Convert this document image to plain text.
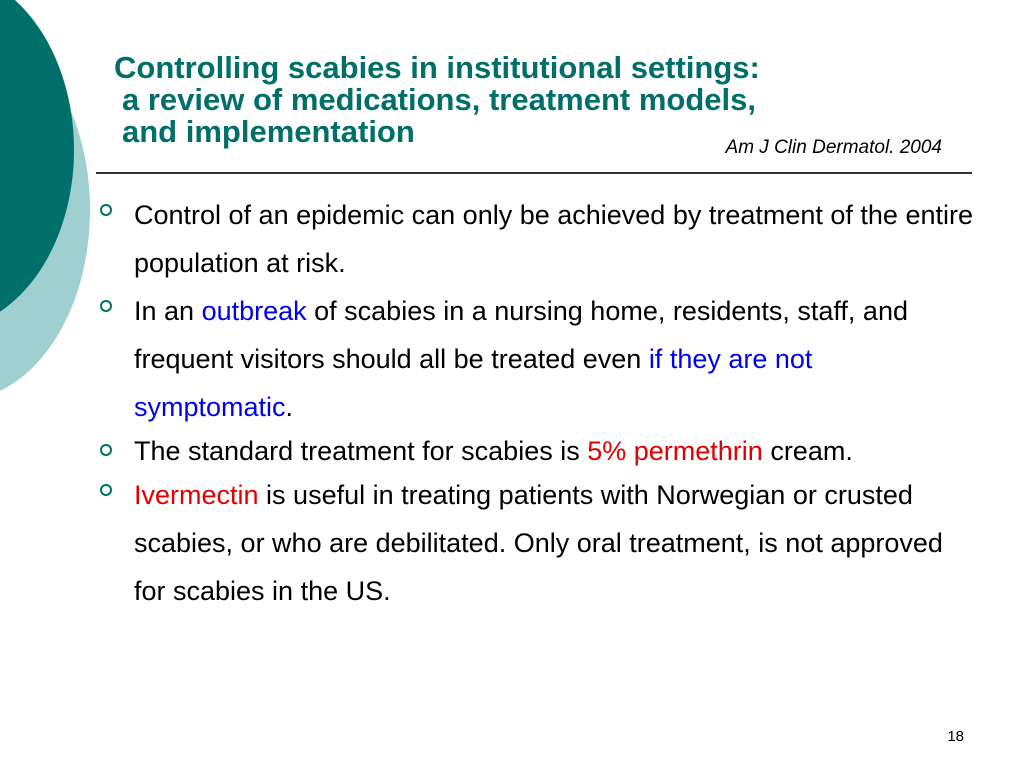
Controlling scabies in institutional settings:
a review of medications, treatment models,
and implementation	Am J Clin Dermatol. 2004
Control of an epidemic can only be achieved by treatment of the entire population at risk.
In an outbreak of scabies in a nursing home, residents, staff, and frequent visitors should all be treated even if they are not symptomatic.
The standard treatment for scabies is 5% permethrin cream.
Ivermectin is useful in treating patients with Norwegian or crusted scabies, or who are debilitated. Only oral treatment, is not approved for scabies in the US.
18
